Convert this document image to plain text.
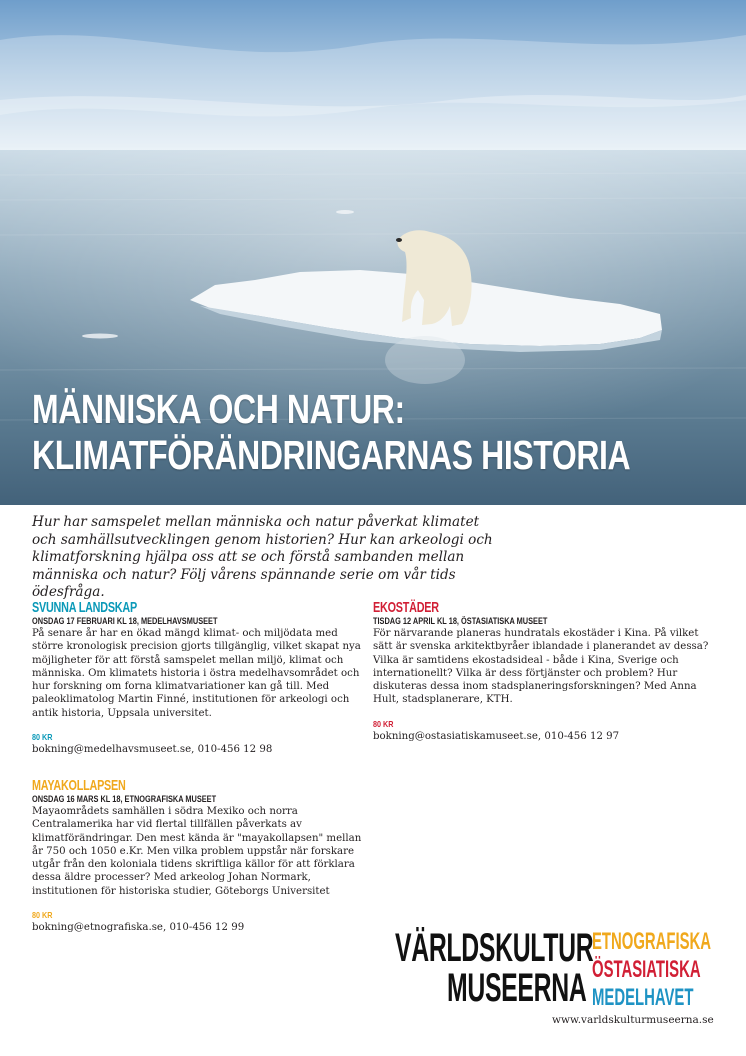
MÄNNISKA OCH NATUR:
KLIMATFÖRÄNDRINGARNAS HISTORIA

Hur har samspelet mellan människa och natur påverkat klimatet och samhällsutvecklingen genom historien? Hur kan arkeologi och klimatforskning hjälpa oss att se och förstå sambanden mellan människa och natur? Följ vårens spännande serie om vår tids ödesfråga.

SVUNNA LANDSKAP

ONSDAG 17 FEBRUARI KL 18, MEDELHAVSMUSEET

På senare år har en ökad mängd klimat- och miljödata med större kronologisk precision gjorts tillgänglig, vilket skapat nya möjligheter för att förstå samspelet mellan miljö, klimat och människa. Om klimatets historia i östra medelhavsområdet och hur forskning om forna klimatvariationer kan gå till. Med paleoklimatolog Martin Finné, institutionen för arkeologi och antik historia, Uppsala universitet.

80 KR

bokning@medelhavsmuseet.se, 010-456 12 98

EKOSTÄDER

TISDAG 12 APRIL KL 18, ÖSTASIATISKA MUSEET

För närvarande planeras hundratals ekostäder i Kina. På vilket sätt är svenska arkitektbyråer iblandade i planerandet av dessa? Vilka är samtidens ekostadsideal - både i Kina, Sverige och internationellt? Vilka är dess förtjänster och problem? Hur diskuteras dessa inom stadsplaneringsforskningen? Med Anna Hult, stadsplanerare, KTH.

80 KR

bokning@ostasiatiskamuseet.se, 010-456 12 97

MAYAKOLLAPSEN

ONSDAG 16 MARS KL 18, ETNOGRAFISKA MUSEET

Mayaområdets samhällen i södra Mexiko och norra Centralamerika har vid flertal tillfällen påverkats av klimatförändringar. Den mest kända är "mayakollapsen" mellan år 750 och 1050 e.Kr. Men vilka problem uppstår när forskare utgår från den koloniala tidens skriftliga källor för att förklara dessa äldre processer? Med arkeolog Johan Normark, institutionen för historiska studier, Göteborgs Universitet

80 KR

bokning@etnografiska.se, 010-456 12 99	VÄRLDSKULTUR
MUSEERNA
ETNOGRAFISKA
ÖSTASIATISKA
MEDELHAVET
www.varldskulturmuseerna.se
